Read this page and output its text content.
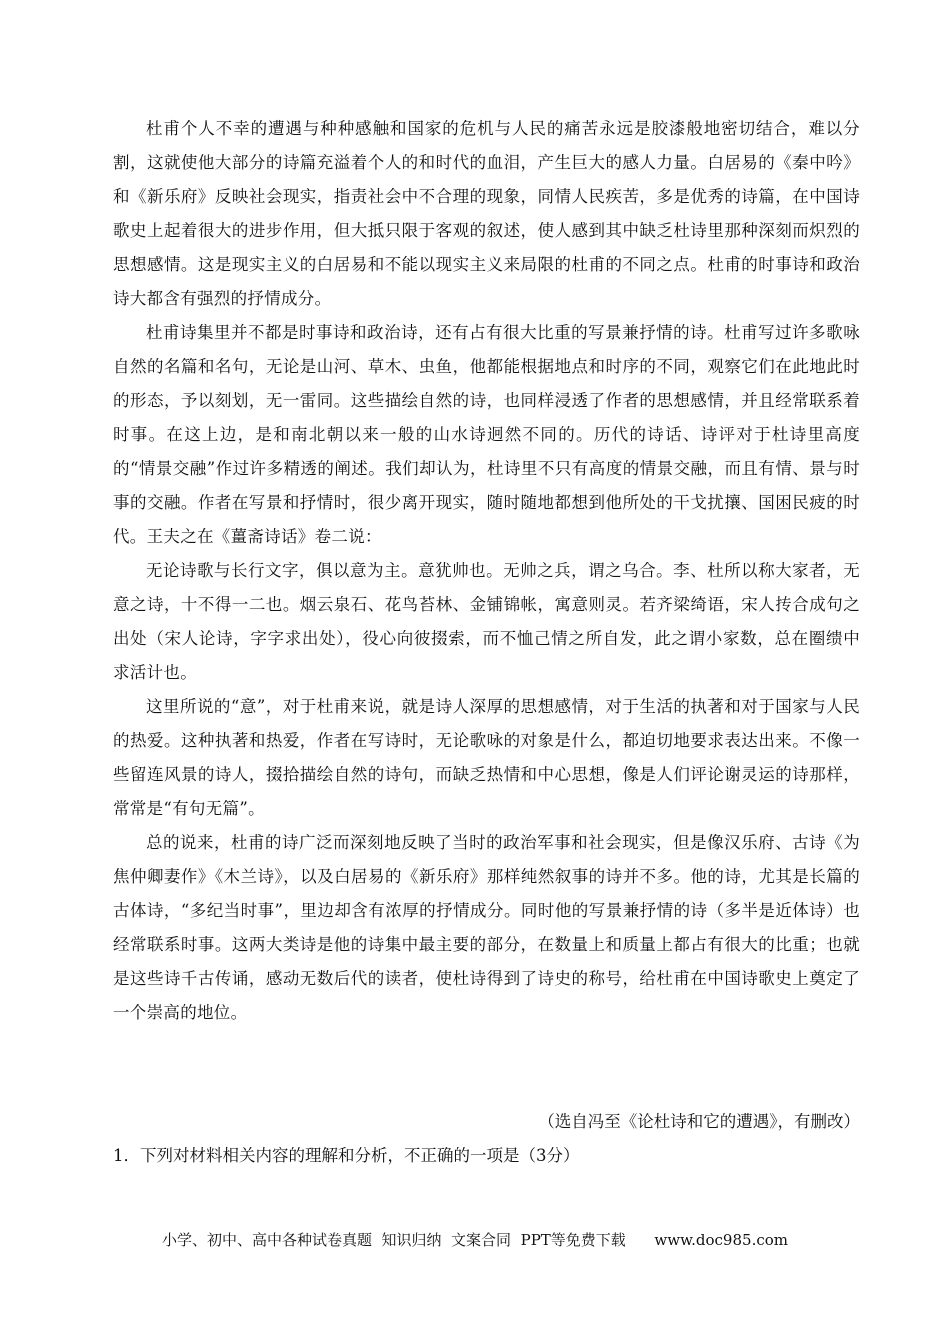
杜甫个人不幸的遭遇与种种感触和国家的危机与人民的痛苦永远是胶漆般地密切结合，难以分割，这就使他大部分的诗篇充溢着个人的和时代的血泪，产生巨大的感人力量。白居易的《秦中吟》和《新乐府》反映社会现实，指责社会中不合理的现象，同情人民疾苦，多是优秀的诗篇，在中国诗歌史上起着很大的进步作用，但大抵只限于客观的叙述，使人感到其中缺乏杜诗里那种深刻而炽烈的思想感情。这是现实主义的白居易和不能以现实主义来局限的杜甫的不同之点。杜甫的时事诗和政治诗大都含有强烈的抒情成分。

杜甫诗集里并不都是时事诗和政治诗，还有占有很大比重的写景兼抒情的诗。杜甫写过许多歌咏自然的名篇和名句，无论是山河、草木、虫鱼，他都能根据地点和时序的不同，观察它们在此地此时的形态，予以刻划，无一雷同。这些描绘自然的诗，也同样浸透了作者的思想感情，并且经常联系着时事。在这上边，是和南北朝以来一般的山水诗迥然不同的。历代的诗话、诗评对于杜诗里高度的“情景交融”作过许多精透的阐述。我们却认为，杜诗里不只有高度的情景交融，而且有情、景与时事的交融。作者在写景和抒情时，很少离开现实，随时随地都想到他所处的干戈扰攘、国困民疲的时代。王夫之在《薑斋诗话》卷二说：

无论诗歌与长行文字，俱以意为主。意犹帅也。无帅之兵，谓之乌合。李、杜所以称大家者，无意之诗，十不得一二也。烟云泉石、花鸟苔林、金铺锦帐，寓意则灵。若齐梁绮语，宋人抟合成句之出处（宋人论诗，字字求出处），役心向彼掇索，而不恤己情之所自发，此之谓小家数，总在圈缋中求活计也。

这里所说的“意”，对于杜甫来说，就是诗人深厚的思想感情，对于生活的执著和对于国家与人民的热爱。这种执著和热爱，作者在写诗时，无论歌咏的对象是什么，都迫切地要求表达出来。不像一些留连风景的诗人，掇拾描绘自然的诗句，而缺乏热情和中心思想，像是人们评论谢灵运的诗那样，常常是“有句无篇”。

总的说来，杜甫的诗广泛而深刻地反映了当时的政治军事和社会现实，但是像汉乐府、古诗《为焦仲卿妻作》《木兰诗》，以及白居易的《新乐府》那样纯然叙事的诗并不多。他的诗，尤其是长篇的古体诗，“多纪当时事”，里边却含有浓厚的抒情成分。同时他的写景兼抒情的诗（多半是近体诗）也经常联系时事。这两大类诗是他的诗集中最主要的部分，在数量上和质量上都占有很大的比重；也就是这些诗千古传诵，感动无数后代的读者，使杜诗得到了诗史的称号，给杜甫在中国诗歌史上奠定了一个崇高的地位。

（选自冯至《论杜诗和它的遭遇》，有删改）
1．下列对材料相关内容的理解和分析，不正确的一项是（3分）
小学、初中、高中各种试卷真题  知识归纳  文案合同  PPT等免费下载      www.doc985.com
